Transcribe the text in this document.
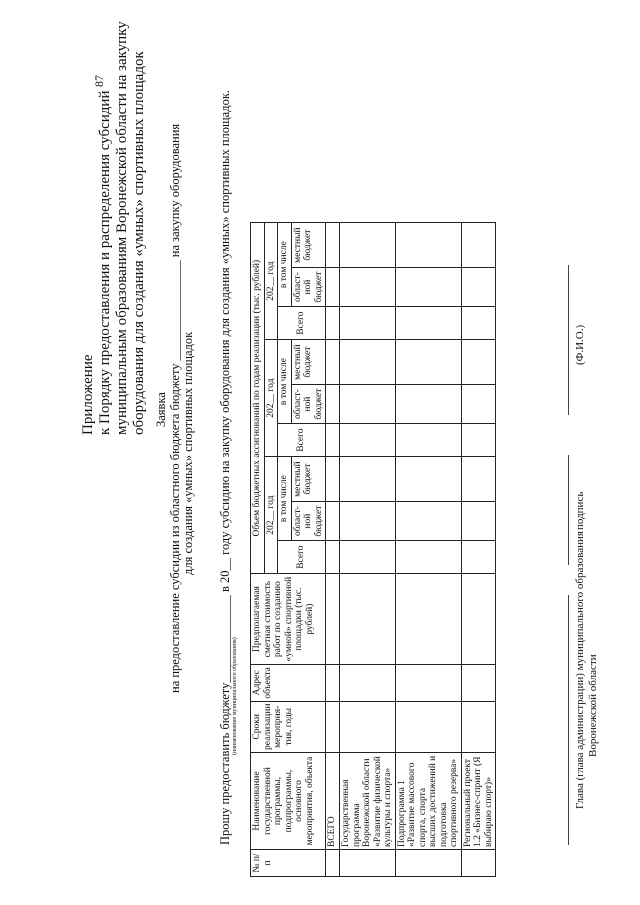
87
Приложение к Порядку предоставления и распределения субсидий муниципальным образованиям Воронежской области на закупку оборудования для создания «умных» спортивных площадок Заявка на предоставление субсидии из областного бюджета бюджету ________________ на закупку оборудования для создания «умных» спортивных площадок Прошу предоставить бюджету______________ в 20__ году субсидию на закупку оборудования для создания «умных» спортивных площадок. (наименование муниципального образования)
№ п/п	Наименование государственной программы, подпрограммы, основного мероприятия, объекта	Сроки реализации мероприя-тия, годы	Адрес объекта	Предполагаемая сметная стоимость работ по созданию «умной» спортивной площадки (тыс. рублей)	Объем бюджетных ассигнований по годам реализации (тыс. рублей)								
					202__ год			202__ год			202__ год		
					Всего	в том числе		Всего	в том числе		Всего	в том числе	
						област-ной бюджет	местный бюджет		област-ной бюджет	местный бюджет		област-ной бюджет	местный бюджет
	ВСЕГО												
	Государственная программа Воронежской области «Развитие физической культуры и спорта»												
	Подпрограмма 1 «Развитие массового спорта, спорта высших достижений и подготовка спортивного резерва»												
	Региональный проект 1.2 «Бизнес-спринт (Я выбираю спорт)»												
Глава (глава администрации) муниципального образования Воронежской области
подпись
(Ф.И.О.)
